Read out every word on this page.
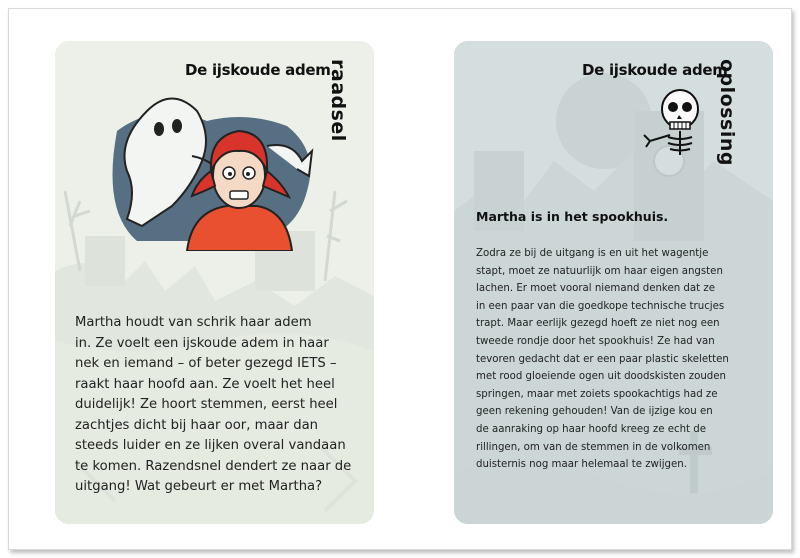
De ijskoude adem
raadsel
Martha houdt van schrik haar adem
in. Ze voelt een ijskoude adem in haar
nek en iemand – of beter gezegd IETS –
raakt haar hoofd aan. Ze voelt het heel
duidelijk! Ze hoort stemmen, eerst heel
zachtjes dicht bij haar oor, maar dan
steeds luider en ze lijken overal vandaan
te komen. Razendsnel dendert ze naar de
uitgang! Wat gebeurt er met Martha?
De ijskoude adem
oplossing
Martha is in het spookhuis.
Zodra ze bij de uitgang is en uit het wagentje
stapt, moet ze natuurlijk om haar eigen angsten
lachen. Er moet vooral niemand denken dat ze
in een paar van die goedkope technische trucjes
trapt. Maar eerlijk gezegd hoeft ze niet nog een
tweede rondje door het spookhuis! Ze had van
tevoren gedacht dat er een paar plastic skeletten
met rood gloeiende ogen uit doodskisten zouden
springen, maar met zoiets spookachtigs had ze
geen rekening gehouden! Van de ijzige kou en
de aanraking op haar hoofd kreeg ze echt de
rillingen, om van de stemmen in de volkomen
duisternis nog maar helemaal te zwijgen.
